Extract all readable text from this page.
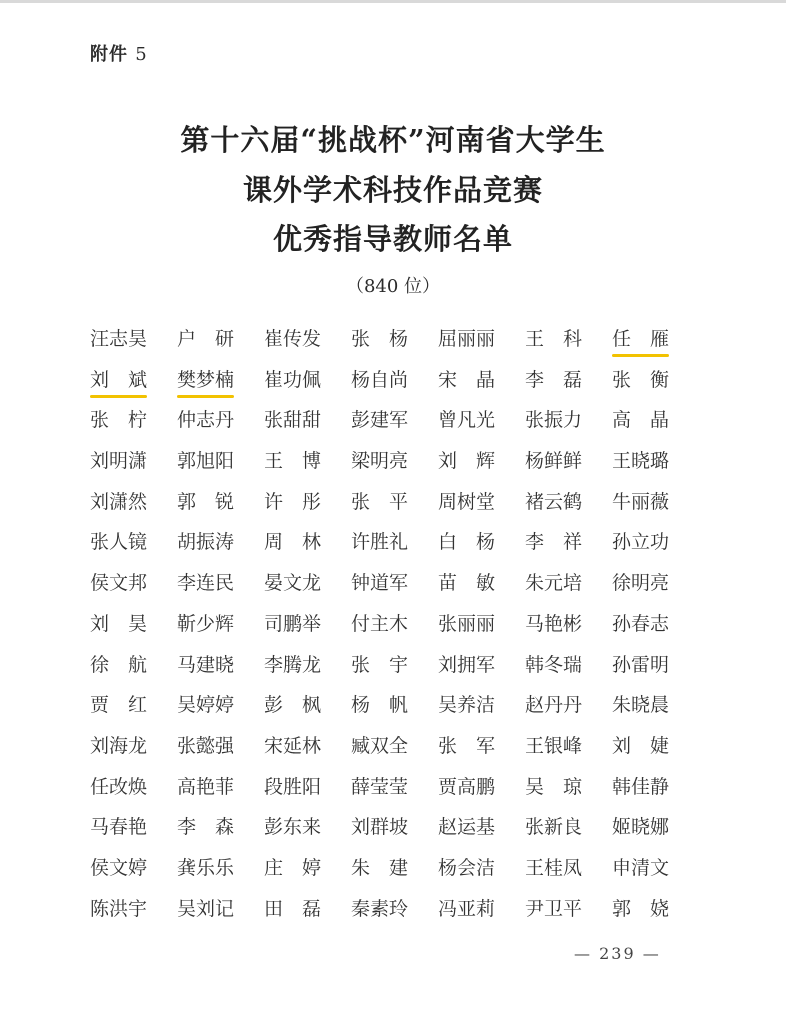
附件 5
第十六届“挑战杯”河南省大学生
课外学术科技作品竞赛
优秀指导教师名单
（840 位）
汪志昊	户　研	崔传发	张　杨	屈丽丽	王　科	任　雁
刘　斌	樊梦楠	崔功佩	杨自尚	宋　晶	李　磊	张　衡
张　柠	仲志丹	张甜甜	彭建军	曾凡光	张振力	高　晶
刘明潇	郭旭阳	王　博	梁明亮	刘　辉	杨鲜鲜	王晓璐
刘潇然	郭　锐	许　彤	张　平	周树堂	褚云鹤	牛丽薇
张人镜	胡振涛	周　林	许胜礼	白　杨	李　祥	孙立功
侯文邦	李连民	晏文龙	钟道军	苗　敏	朱元培	徐明亮
刘　昊	靳少辉	司鹏举	付主木	张丽丽	马艳彬	孙春志
徐　航	马建晓	李腾龙	张　宇	刘拥军	韩冬瑞	孙雷明
贾　红	吴婷婷	彭　枫	杨　帆	吴养洁	赵丹丹	朱晓晨
刘海龙	张懿强	宋延林	臧双全	张　军	王银峰	刘　婕
任改焕	高艳菲	段胜阳	薛莹莹	贾高鹏	吴　琼	韩佳静
马春艳	李　森	彭东来	刘群坡	赵运基	张新良	姬晓娜
侯文婷	龚乐乐	庄　婷	朱　建	杨会洁	王桂凤	申清文
陈洪宇	吴刘记	田　磊	秦素玲	冯亚莉	尹卫平	郭　娆
— 239 —
